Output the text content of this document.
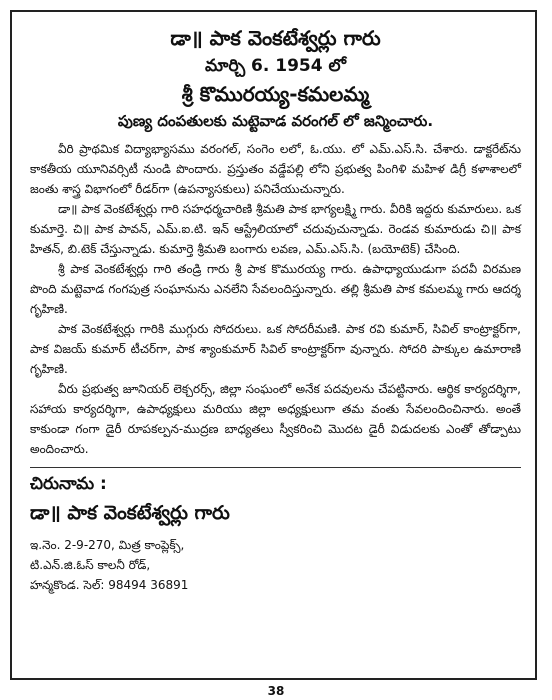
డా॥ పాక వెంకటేశ్వర్లు గారు

మార్చి 6. 1954 లో

శ్రీ కొమురయ్య-కమలమ్మ

పుణ్య దంపతులకు మట్టెవాడ వరంగల్ లో జన్మించారు.

వీరి ప్రాథమిక విద్యాభ్యాసము వరంగల్, సంగెం లలో, ఓ.యు. లో ఎమ్.ఎస్.సి. చేశారు. డాక్టరేట్‌ను కాకతీయ యూనివర్సిటీ నుండి పొందారు. ప్రస్తుతం వడ్డేపల్లి లోని ప్రభుత్వ పింగిళి మహిళ డిగ్రీ కళాశాలలో జంతు శాస్త్ర విభాగంలో రీడర్‌గా (ఉపన్యాసకులు) పనిచేయుచున్నారు.

డా॥ పాక వెంకటేశ్వర్లు గారి సహధర్మచారిణి శ్రీమతి పాక భాగ్యలక్ష్మి గారు. వీరికి ఇద్దరు కుమారులు. ఒక కుమార్తె. చి॥ పాక పావన్, ఎమ్.ఐ.టి. ఇన్ ఆస్ట్రేలియాలో చదువుచున్నాడు. రెండవ కుమారుడు చి॥ పాక హితన్, బి.టెక్ చేస్తున్నాడు. కుమార్తె శ్రీమతి బంగారు లవణ, ఎమ్.ఎస్.సి. (బయోటెక్) చేసింది.

శ్రీ పాక వెంకటేశ్వర్లు గారి తండ్రి గారు శ్రీ పాక కొమురయ్య గారు. ఉపాధ్యాయుడుగా పదవీ విరమణ పొంది మట్టెవాడ గంగపుత్ర సంఘానును ఎనలేని సేవలందిస్తున్నారు. తల్లి శ్రీమతి పాక కమలమ్మ గారు ఆదర్శ గృహిణి.

పాక వెంకటేశ్వర్లు గారికి ముగ్గురు సోదరులు. ఒక సోదరీమణి. పాక రవి కుమార్, సివిల్ కాంట్రాక్టర్‌గా, పాక విజయ్ కుమార్ టీచర్‌గా, పాక శ్యాంకుమార్ సివిల్ కాంట్రాక్టర్‌గా వున్నారు. సోదరి పాక్కుల ఉమారాణి గృహిణి.

వీరు ప్రభుత్వ జూనియర్ లెక్చరర్స్, జిల్లా సంఘంలో అనేక పదవులను చేపట్టినారు. ఆర్థిక కార్యదర్శిగా, సహాయ కార్యదర్శిగా, ఉపాధ్యక్షులు మరియు జిల్లా అధ్యక్షులుగా తమ వంతు సేవలందించినారు. అంతే కాకుండా గంగా డైరీ రూపకల్పన-ముద్రణ బాధ్యతలు స్వీకరించి మొదట డైరీ విడుదలకు ఎంతో తోడ్పాటు అందించారు.

చిరునామ :

డా॥ పాక వెంకటేశ్వర్లు గారు

ఇ.నెం. 2-9-270, మిత్ర కాంప్లెక్స్,

టి.ఎన్.జి.ఓస్ కాలనీ రోడ్,

హన్మకొండ. సెల్: 98494 36891

38
